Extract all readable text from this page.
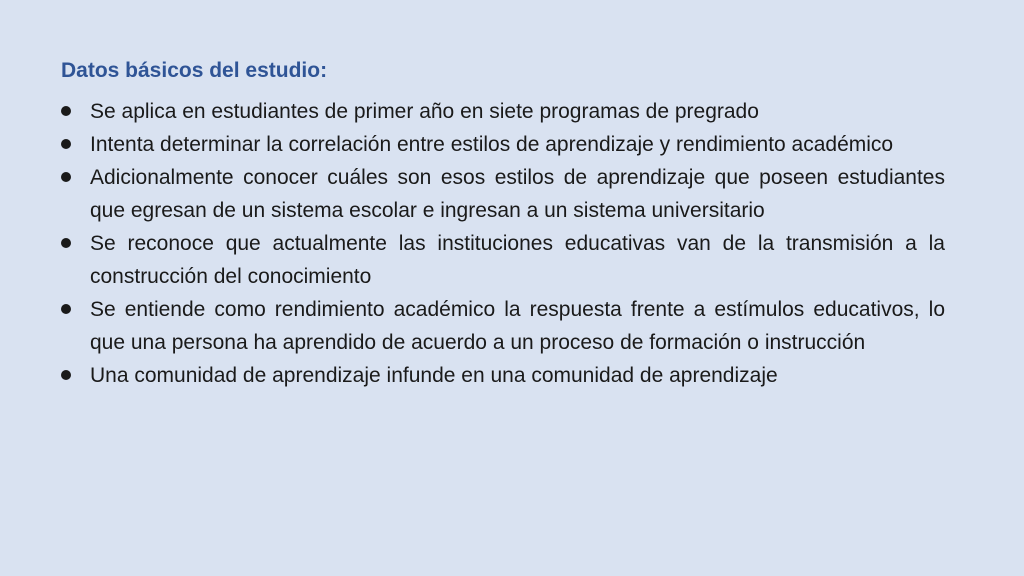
Datos básicos del estudio:
Se aplica en estudiantes de primer año en siete programas de pregrado
Intenta determinar la correlación entre estilos de aprendizaje y rendimiento académico
Adicionalmente conocer cuáles son esos estilos de aprendizaje que poseen estudiantes que egresan de un sistema escolar e ingresan a un sistema universitario
Se reconoce que actualmente las instituciones educativas van de la transmisión a la construcción del conocimiento
Se entiende como rendimiento académico la respuesta frente a estímulos educativos, lo que una persona ha aprendido de acuerdo a un proceso de formación o instrucción
Una comunidad de aprendizaje infunde en una comunidad de aprendizaje
